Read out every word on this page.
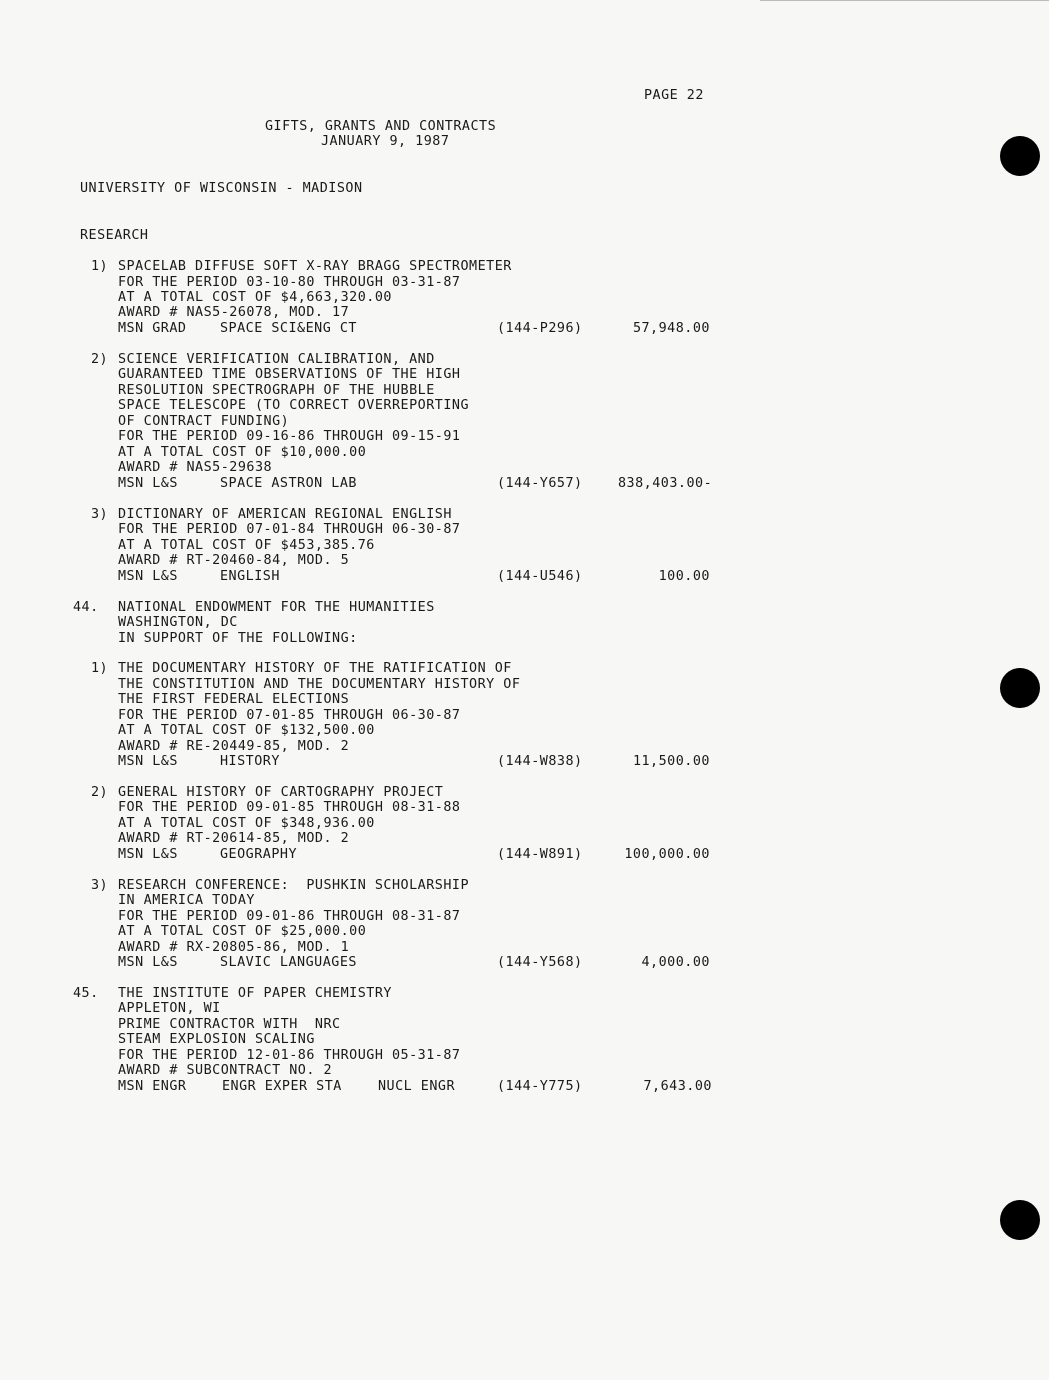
PAGE 22
GIFTS, GRANTS AND CONTRACTS
JANUARY 9, 1987
UNIVERSITY OF WISCONSIN - MADISON
RESEARCH
1) SPACELAB DIFFUSE SOFT X-RAY BRAGG SPECTROMETER
FOR THE PERIOD 03-10-80 THROUGH 03-31-87
AT A TOTAL COST OF $4,663,320.00
AWARD # NAS5-26078, MOD. 17
MSN GRAD	SPACE SCI&ENG CT	(144-P296)	57,948.00
2) SCIENCE VERIFICATION CALIBRATION, AND
GUARANTEED TIME OBSERVATIONS OF THE HIGH
RESOLUTION SPECTROGRAPH OF THE HUBBLE
SPACE TELESCOPE (TO CORRECT OVERREPORTING
OF CONTRACT FUNDING)
FOR THE PERIOD 09-16-86 THROUGH 09-15-91
AT A TOTAL COST OF $10,000.00
AWARD # NAS5-29638
MSN L&S	SPACE ASTRON LAB	(144-Y657)	838,403.00-
3) DICTIONARY OF AMERICAN REGIONAL ENGLISH
FOR THE PERIOD 07-01-84 THROUGH 06-30-87
AT A TOTAL COST OF $453,385.76
AWARD # RT-20460-84, MOD. 5
MSN L&S	ENGLISH	(144-U546)	100.00
44. NATIONAL ENDOWMENT FOR THE HUMANITIES
WASHINGTON, DC
IN SUPPORT OF THE FOLLOWING:
1) THE DOCUMENTARY HISTORY OF THE RATIFICATION OF
THE CONSTITUTION AND THE DOCUMENTARY HISTORY OF
THE FIRST FEDERAL ELECTIONS
FOR THE PERIOD 07-01-85 THROUGH 06-30-87
AT A TOTAL COST OF $132,500.00
AWARD # RE-20449-85, MOD. 2
MSN L&S	HISTORY	(144-W838)	11,500.00
2) GENERAL HISTORY OF CARTOGRAPHY PROJECT
FOR THE PERIOD 09-01-85 THROUGH 08-31-88
AT A TOTAL COST OF $348,936.00
AWARD # RT-20614-85, MOD. 2
MSN L&S	GEOGRAPHY	(144-W891)	100,000.00
3) RESEARCH CONFERENCE:  PUSHKIN SCHOLARSHIP
IN AMERICA TODAY
FOR THE PERIOD 09-01-86 THROUGH 08-31-87
AT A TOTAL COST OF $25,000.00
AWARD # RX-20805-86, MOD. 1
MSN L&S	SLAVIC LANGUAGES	(144-Y568)	4,000.00
45. THE INSTITUTE OF PAPER CHEMISTRY
APPLETON, WI
PRIME CONTRACTOR WITH  NRC
STEAM EXPLOSION SCALING
FOR THE PERIOD 12-01-86 THROUGH 05-31-87
AWARD # SUBCONTRACT NO. 2
MSN ENGR	ENGR EXPER STA	NUCL ENGR	(144-Y775)	7,643.00
